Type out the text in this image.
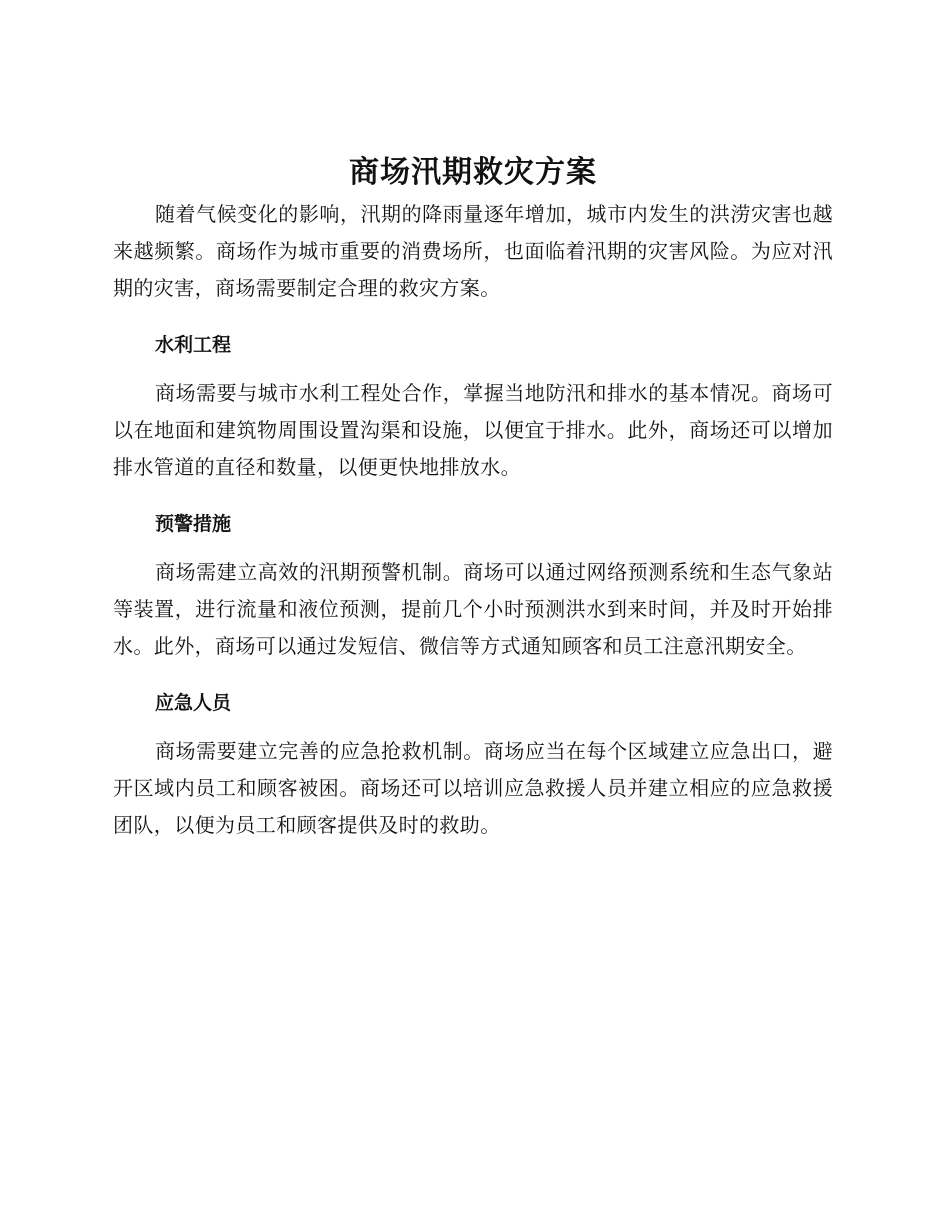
商场汛期救灾方案

随着气候变化的影响，汛期的降雨量逐年增加，城市内发生的洪涝灾害也越来越频繁。商场作为城市重要的消费场所，也面临着汛期的灾害风险。为应对汛期的灾害，商场需要制定合理的救灾方案。

水利工程

商场需要与城市水利工程处合作，掌握当地防汛和排水的基本情况。商场可以在地面和建筑物周围设置沟渠和设施，以便宜于排水。此外，商场还可以增加排水管道的直径和数量，以便更快地排放水。

预警措施

商场需建立高效的汛期预警机制。商场可以通过网络预测系统和生态气象站等装置，进行流量和液位预测，提前几个小时预测洪水到来时间，并及时开始排水。此外，商场可以通过发短信、微信等方式通知顾客和员工注意汛期安全。

应急人员

商场需要建立完善的应急抢救机制。商场应当在每个区域建立应急出口，避开区域内员工和顾客被困。商场还可以培训应急救援人员并建立相应的应急救援团队，以便为员工和顾客提供及时的救助。
